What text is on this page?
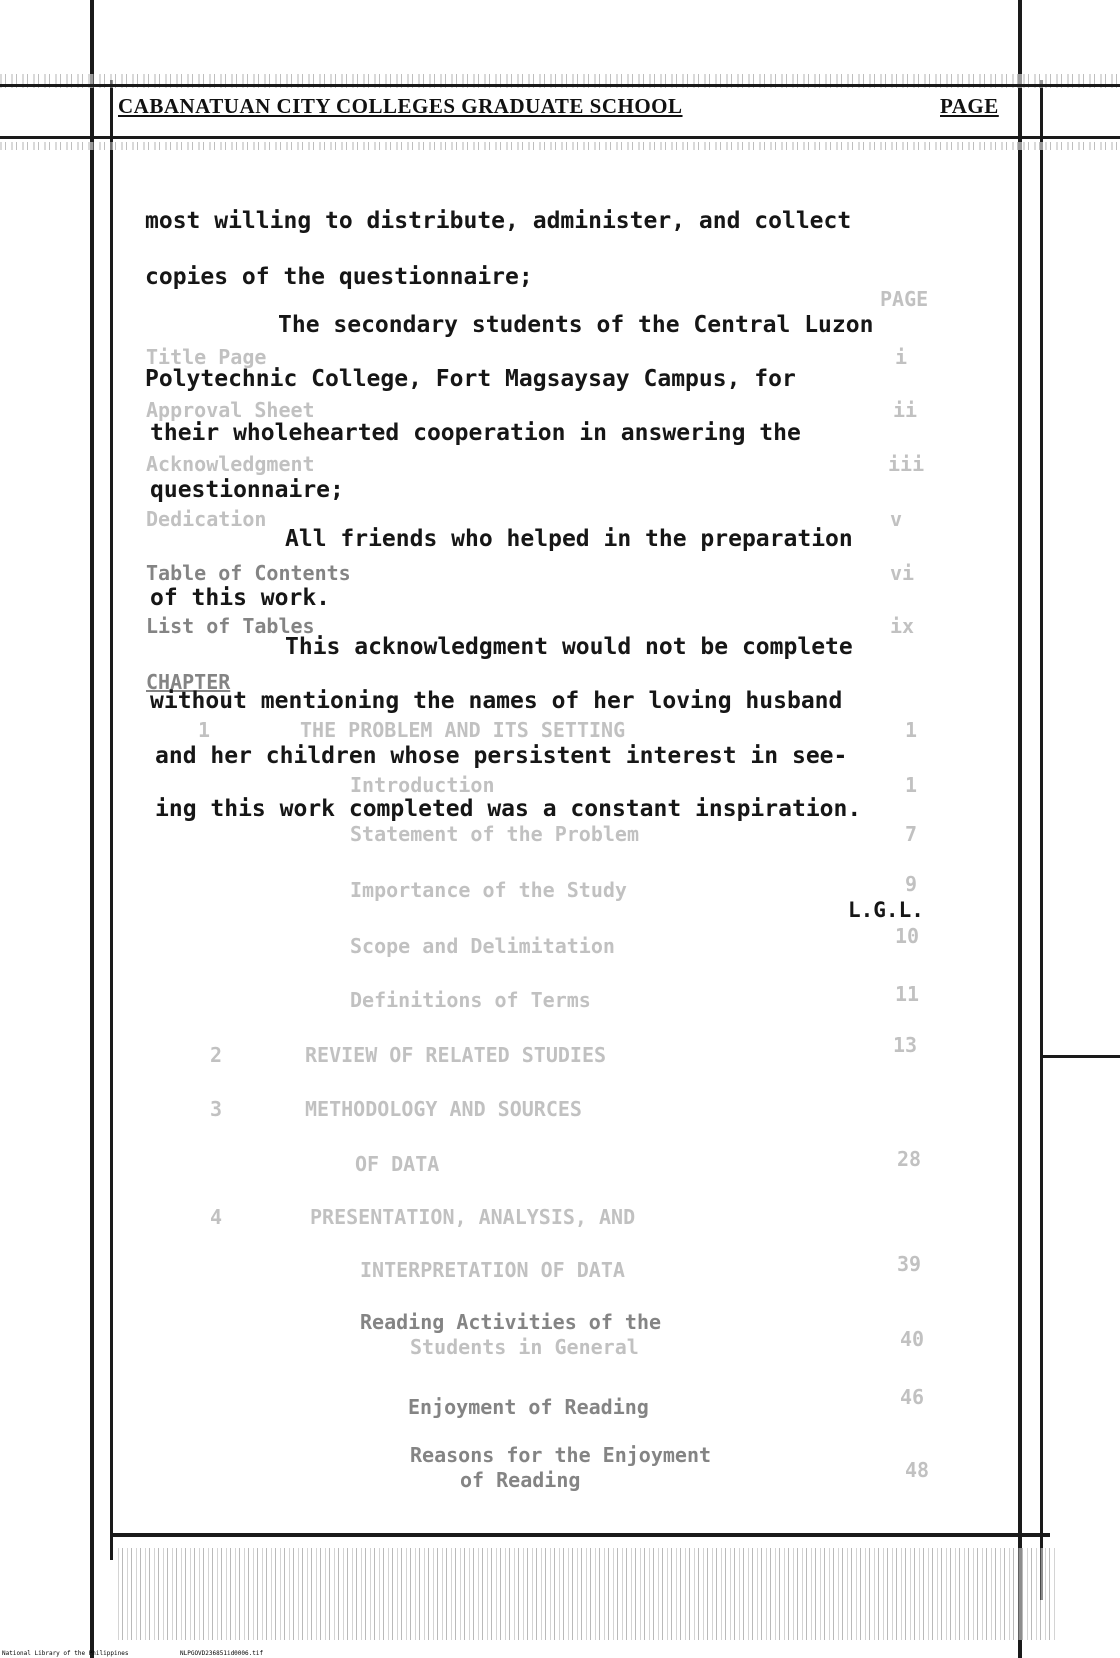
CABANATUAN CITY COLLEGES GRADUATE SCHOOL	PAGE
PAGE
Title Page	i
Approval Sheet	ii
Acknowledgment	iii
Dedication	v
Table of Contents	vi
List of Tables	ix
CHAPTER
1	THE PROBLEM AND ITS SETTING	1
Introduction	1
Statement of the Problem	7
Importance of the Study	9
Scope and Delimitation	10
Definitions of Terms	11
2	REVIEW OF RELATED STUDIES	13
3	METHODOLOGY AND SOURCES
OF DATA	28
4	PRESENTATION, ANALYSIS, AND
INTERPRETATION OF DATA	39
Reading Activities of the
Students in General	40
Enjoyment of Reading	46
Reasons for the Enjoyment
of Reading	48
most willing to distribute, administer, and collect
copies of the questionnaire;
The secondary students of the Central Luzon
Polytechnic College, Fort Magsaysay Campus, for
their wholehearted cooperation in answering the
questionnaire;
All friends who helped in the preparation
of this work.
This acknowledgment would not be complete
without mentioning the names of her loving husband
and her children whose persistent interest in see-
ing this work completed was a constant inspiration.
L.G.L.
National Library of the Philippines	NLPGOVD236851id0006.tif
